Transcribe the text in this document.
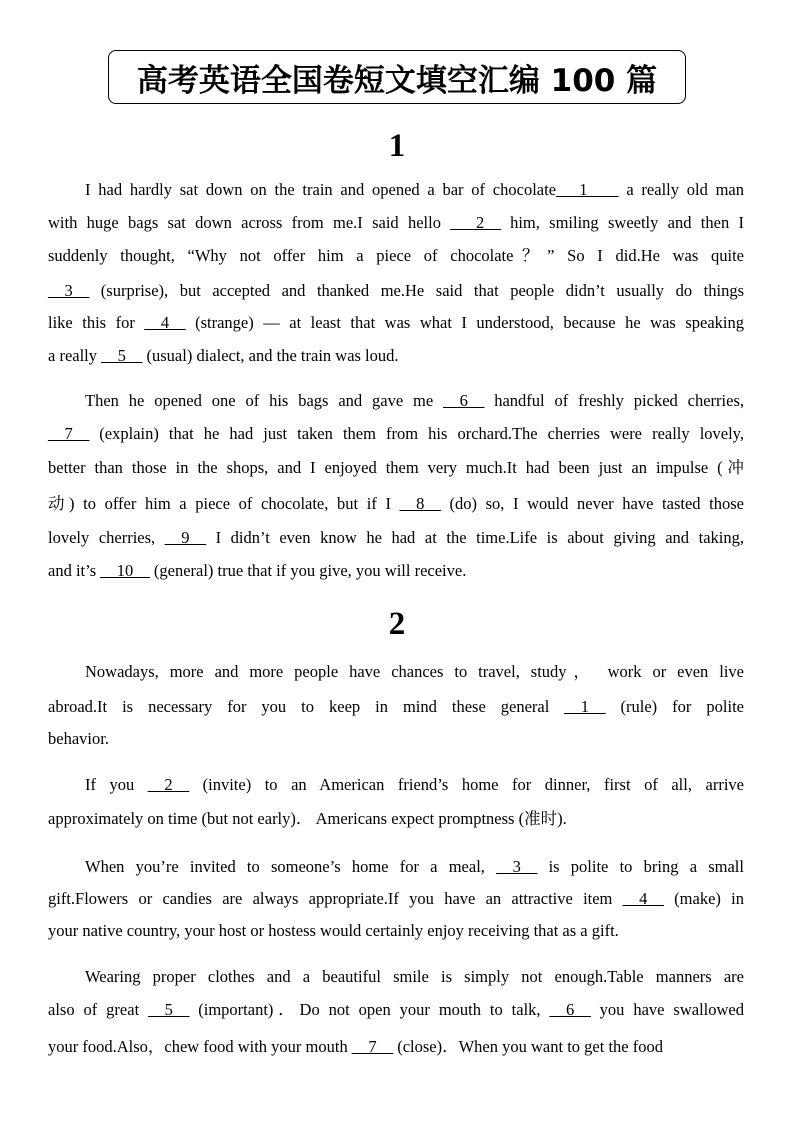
高考英语全国卷短文填空汇编 100 篇
1
I had hardly sat down on the train and opened a bar of chocolate   1     a really old man
with huge bags sat down across from me.I said hello  __2__ him, smiling sweetly and then I
suddenly thought, “Why not offer him a piece of chocolate？” So I did.He was quite
__3__ (surprise), but accepted and thanked me.He said that people didn’t usually do things
like this for __4__ (strange) — at least that was what I understood, because he was speaking
a really __5__ (usual) dialect, and the train was loud.
Then he opened one of his bags and gave me __6__ handful of freshly picked cherries,
__7__ (explain) that he had just taken them from his orchard.The cherries were really lovely,
better than those in the shops, and I enjoyed them very much.It had been just an impulse (冲
动) to offer him a piece of chocolate, but if I __8__ (do) so, I would never have tasted those
lovely cherries, __9__ I didn’t even know he had at the time.Life is about giving and taking,
and it’s __10__ (general) true that if you give, you will receive.
2
Nowadays, more and more people have chances to travel, study， work or even live
abroad.It is necessary for you to keep in mind these general __1__ (rule) for polite
behavior.
If you __2__ (invite) to an American friend’s home for dinner, first of all, arrive
approximately on time (but not early)． Americans expect promptness (准时).
When you’re invited to someone’s home for a meal, __3__ is polite to bring a small
gift.Flowers or candies are always appropriate.If you have an attractive item __4__ (make) in
your native country, your host or hostess would certainly enjoy receiving that as a gift.
Wearing proper clothes and a beautiful smile is simply not enough.Table manners are
also of great __5__ (important)．Do not open your mouth to talk, __6__ you have swallowed
your food.Also，chew food with your mouth __7__ (close)．When you want to get the food
